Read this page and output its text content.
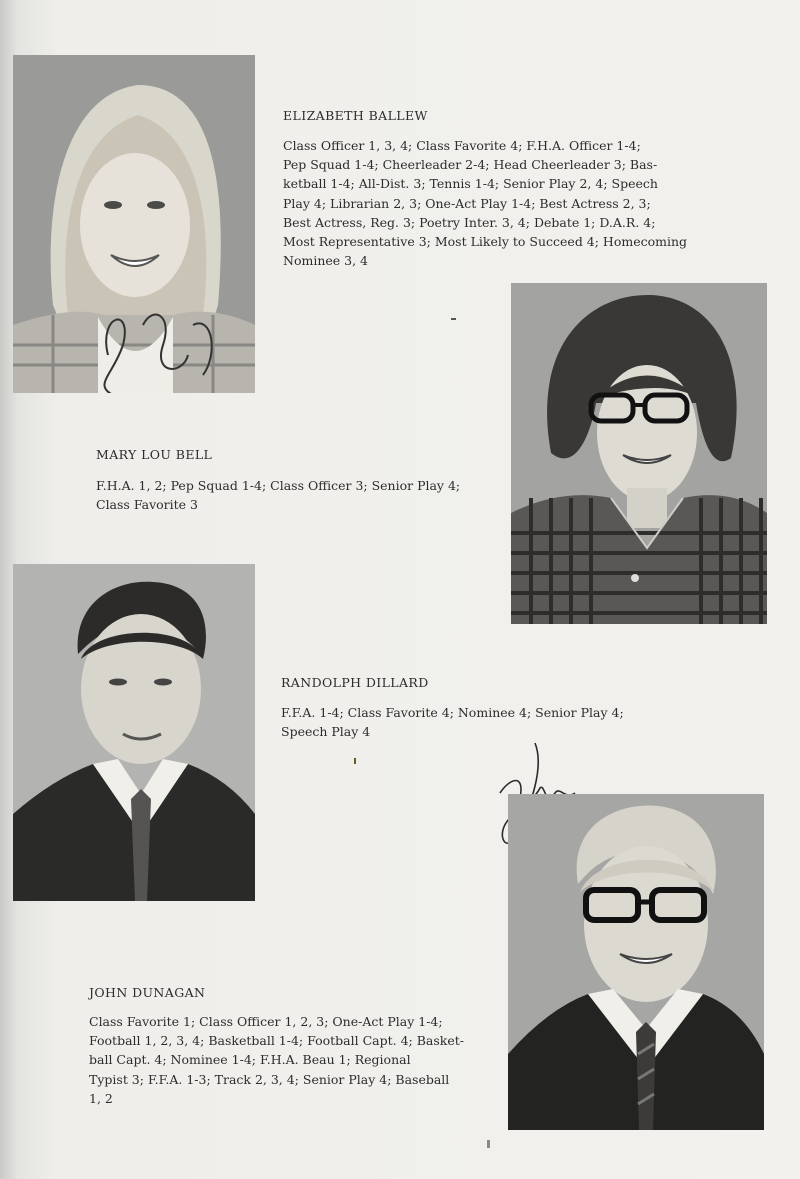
ELIZABETH BALLEW
Class Officer 1, 3, 4; Class Favorite 4; F.H.A. Officer 1-4;
Pep Squad 1-4; Cheerleader 2-4; Head Cheerleader 3; Bas-
ketball 1-4; All-Dist. 3; Tennis 1-4; Senior Play 2, 4; Speech
Play 4; Librarian 2, 3; One-Act Play 1-4; Best Actress 2, 3;
Best Actress, Reg. 3; Poetry Inter. 3, 4; Debate 1; D.A.R. 4;
Most Representative 3; Most Likely to Succeed 4; Homecoming
Nominee 3, 4
MARY LOU BELL
F.H.A. 1, 2; Pep Squad 1-4; Class Officer 3; Senior Play 4;
Class Favorite 3
RANDOLPH DILLARD
F.F.A. 1-4; Class Favorite 4; Nominee 4; Senior Play 4;
Speech Play 4
JOHN DUNAGAN
Class Favorite 1; Class Officer 1, 2, 3; One-Act Play 1-4;
Football 1, 2, 3, 4; Basketball 1-4; Football Capt. 4; Basket-
ball Capt. 4; Nominee 1-4; F.H.A. Beau 1; Regional
Typist 3; F.F.A. 1-3; Track 2, 3, 4; Senior Play 4; Baseball
1, 2
